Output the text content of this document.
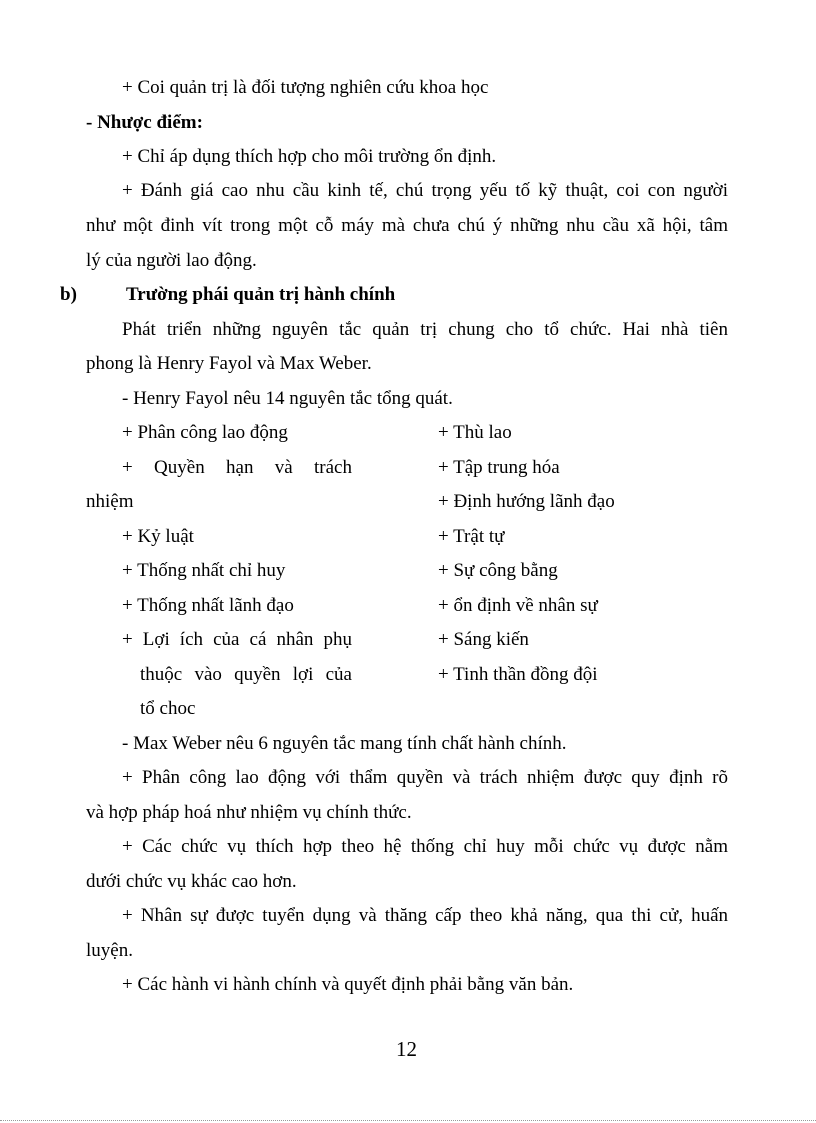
+ Coi quản trị là đối tượng nghiên cứu khoa học
- Nhược điểm:
+ Chỉ áp dụng thích hợp cho môi trường ổn định.
+ Đánh giá cao nhu cầu kinh tế, chú trọng yếu tố kỹ thuật, coi con người
như một đinh vít trong một cỗ máy mà chưa chú ý những nhu cầu xã hội, tâm
lý của người lao động.
b)	Trường phái quản trị hành chính
Phát triển những nguyên tắc quản trị chung cho tổ chức. Hai nhà tiên
phong là Henry Fayol và Max Weber.
- Henry Fayol nêu 14 nguyên tắc tổng quát.
+ Phân công lao động
+ Quyền hạn và trách
nhiệm
+ Kỷ luật
+ Thống nhất chỉ huy
+ Thống nhất lãnh đạo
+ Lợi ích của cá nhân phụ
thuộc vào quyền lợi của
tổ choc
+ Thù lao
+ Tập trung hóa
+ Định hướng lãnh đạo
+ Trật tự
+ Sự công bằng
+ ổn định về nhân sự
+ Sáng kiến
+ Tinh thần đồng đội
- Max Weber nêu 6 nguyên tắc mang tính chất hành chính.
+ Phân công lao động với thẩm quyền và trách nhiệm được quy định rõ
và hợp pháp hoá như nhiệm vụ chính thức.
+ Các chức vụ thích hợp theo hệ thống chỉ huy mỗi chức vụ được nằm
dưới chức vụ khác cao hơn.
+ Nhân sự được tuyển dụng và thăng cấp theo khả năng, qua thi cử, huấn
luyện.
+ Các hành vi hành chính và quyết định phải bằng văn bản.
12
